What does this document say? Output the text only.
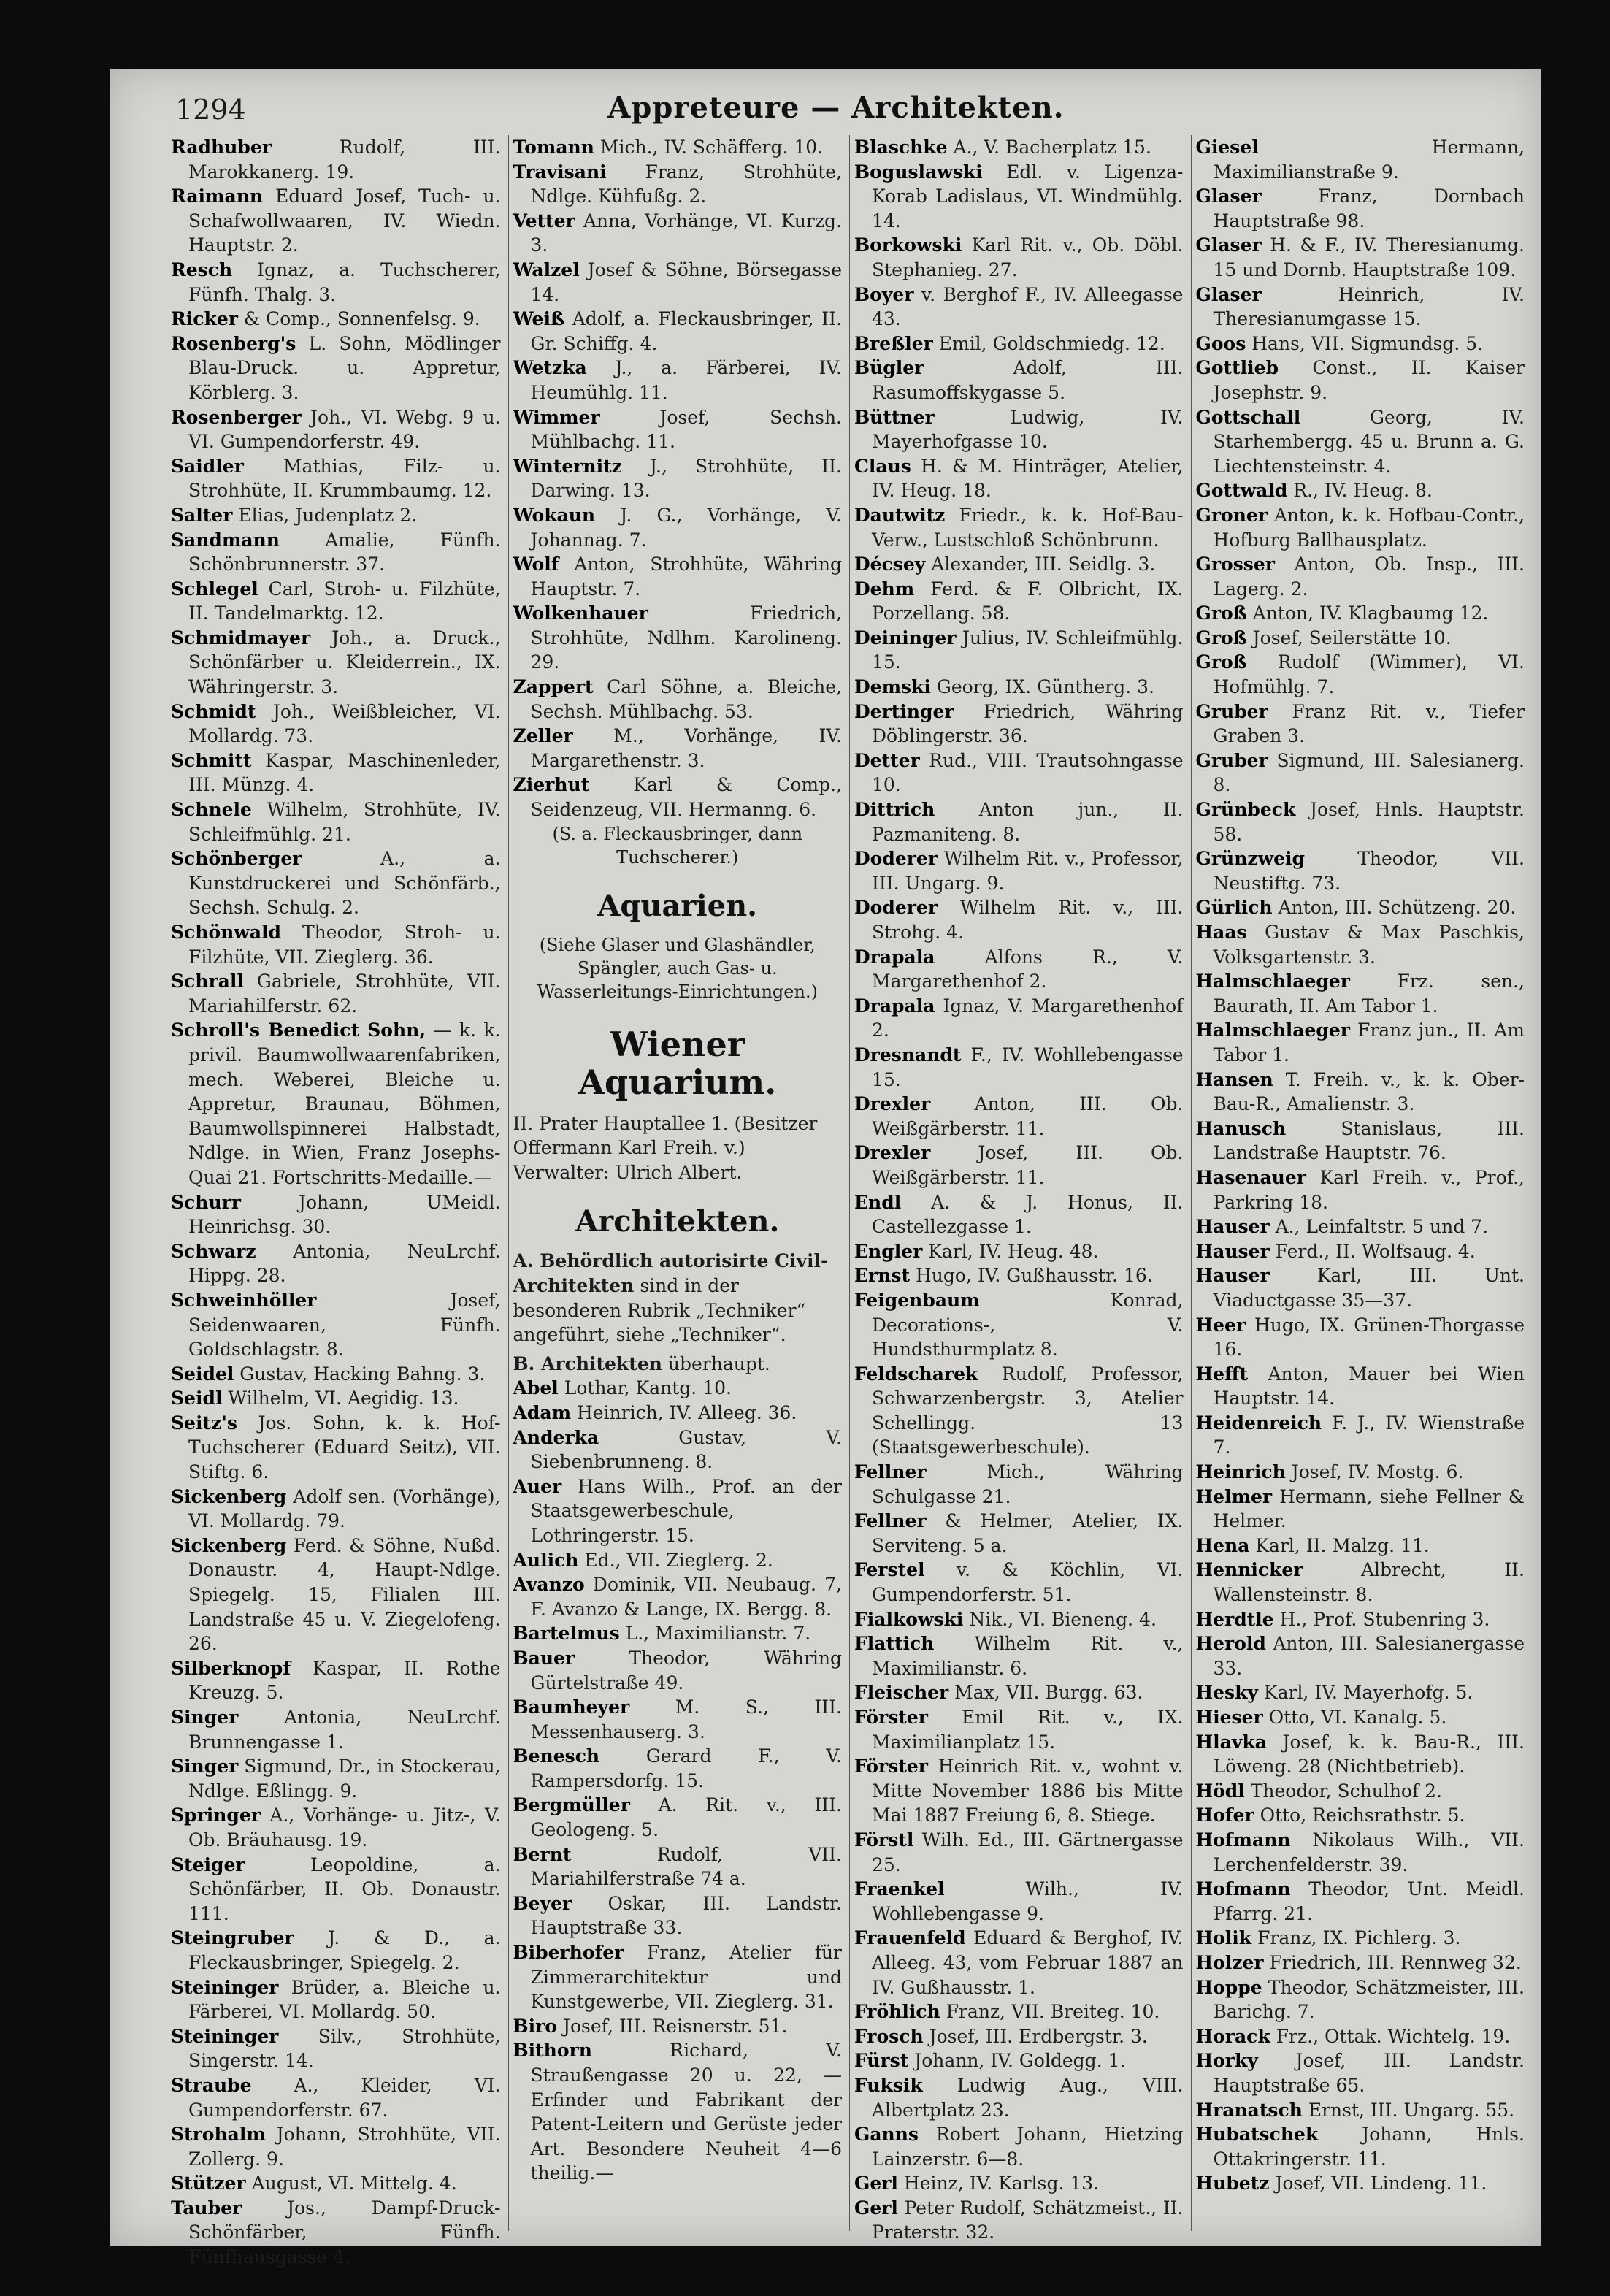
1294	Appreteure — Architekten.
Radhuber	Rudolf, III. Marokkanerg. 19.
Raimann Eduard Josef, Tuch- u. Schafwollwaaren, IV. Wiedn. Hauptstr. 2.
Resch Ignaz, a. Tuchscherer, Fünfh. Thalg. 3.
Ricker & Comp., Sonnenfelsg. 9.
Rosenberg's L. Sohn, Mödlinger Blau-Druck. u. Appretur, Körblerg. 3.
Rosenberger Joh., VI. Webg. 9 u. VI. Gumpendorferstr. 49.
Saidler Mathias, Filz- u. Strohhüte, II. Krummbaumg. 12.
Salter Elias, Judenplatz 2.
Sandmann Amalie, Fünfh. Schönbrunnerstr. 37.
Schlegel Carl, Stroh- u. Filzhüte, II. Tandelmarktg. 12.
Schmidmayer Joh., a. Druck., Schönfärber u. Kleiderrein., IX. Währingerstr. 3.
Schmidt Joh., Weißbleicher, VI. Mollardg. 73.
Schmitt Kaspar, Maschinenleder, III. Münzg. 4.
Schnele Wilhelm, Strohhüte, IV. Schleifmühlg. 21.
Schönberger	A., a. Kunstdruckerei und Schönfärb., Sechsh. Schulg. 2.
Schönwald Theodor, Stroh- u. Filzhüte, VII. Zieglerg. 36.
Schrall Gabriele, Strohhüte, VII. Mariahilferstr. 62.
Schroll's Benedict Sohn, — k. k. privil. Baumwollwaarenfabriken, mech. Weberei, Bleiche u. Appretur, Braunau, Böhmen, Baumwollspinnerei Halbstadt, Ndlge. in Wien, Franz Josephs-Quai 21. Fortschritts-Medaille.—
Schurr	Johann, UMeidl. Heinrichsg. 30.
Schwarz Antonia, NeuLrchf. Hippg. 28.
Schweinhöller	Josef, Seidenwaaren, Fünfh. Goldschlagstr. 8.
Seidel Gustav, Hacking Bahng. 3.
Seidl Wilhelm, VI. Aegidig. 13.
Seitz's Jos. Sohn, k. k. Hof-Tuchscherer (Eduard Seitz), VII. Stiftg. 6.
Sickenberg Adolf sen. (Vorhänge), VI. Mollardg. 79.
Sickenberg Ferd. & Söhne, Nußd. Donaustr. 4, Haupt-Ndlge. Spiegelg. 15, Filialen III. Landstraße 45 u. V. Ziegelofeng. 26.
Silberknopf Kaspar, II. Rothe Kreuzg. 5.
Singer	Antonia, NeuLrchf. Brunnengasse 1.
Singer Sigmund, Dr., in Stockerau, Ndlge. Eßlingg. 9.
Springer A., Vorhänge- u. Jitz-, V. Ob. Bräuhausg. 19.
Steiger	Leopoldine, a. Schönfärber, II. Ob. Donaustr. 111.
Steingruber J. & D., a. Fleckausbringer, Spiegelg. 2.
Steininger Brüder, a. Bleiche u. Färberei, VI. Mollardg. 50.
Steininger Silv., Strohhüte, Singerstr. 14.
Straube A., Kleider, VI. Gumpendorferstr. 67.
Strohalm Johann, Strohhüte, VII. Zollerg. 9.
Stützer August, VI. Mittelg. 4.
Tauber Jos., Dampf-Druck-Schönfärber, Fünfh. Fünfhausgasse 4.
Tomann Mich., IV. Schäfferg. 10.
Travisani Franz, Strohhüte, Ndlge. Kühfußg. 2.
Vetter Anna, Vorhänge, VI. Kurzg. 3.
Walzel Josef & Söhne, Börsegasse 14.
Weiß Adolf, a. Fleckausbringer, II. Gr. Schiffg. 4.
Wetzka J., a. Färberei, IV. Heumühlg. 11.
Wimmer	Josef, Sechsh. Mühlbachg. 11.
Winternitz J., Strohhüte, II. Darwing. 13.
Wokaun J. G., Vorhänge, V. Johannag. 7.
Wolf Anton, Strohhüte, Währing Hauptstr. 7.
Wolkenhauer	Friedrich, Strohhüte, Ndlhm. Karolineng. 29.
Zappert Carl Söhne, a. Bleiche, Sechsh. Mühlbachg. 53.
Zeller M., Vorhänge, IV. Margarethenstr. 3.
Zierhut Karl & Comp., Seidenzeug, VII. Hermanng. 6.
(S. a. Fleckausbringer, dann Tuchscherer.)
Aquarien.
(Siehe Glaser und Glashändler, Spängler, auch Gas- u. Wasserleitungs-Einrichtungen.)
Wiener Aquarium.
II. Prater Hauptallee 1. (Besitzer Offermann Karl Freih. v.) Verwalter: Ulrich Albert.
Architekten.
A. Behördlich autorisirte Civil-Architekten sind in der besonderen Rubrik „Techniker“ angeführt, siehe „Techniker“.
B. Architekten überhaupt.
Abel Lothar, Kantg. 10.
Adam Heinrich, IV. Alleeg. 36.
Anderka	Gustav, V. Siebenbrunneng. 8.
Auer Hans Wilh., Prof. an der Staatsgewerbeschule, Lothringerstr. 15.
Aulich Ed., VII. Zieglerg. 2.
Avanzo Dominik, VII. Neubaug. 7, F. Avanzo & Lange, IX. Bergg. 8.
Bartelmus L., Maximilianstr. 7.
Bauer	Theodor, Währing Gürtelstraße 49.
Baumheyer	M. S., III. Messenhauserg. 3.
Benesch	Gerard F., V. Rampersdorfg. 15.
Bergmüller A. Rit. v., III. Geologeng. 5.
Bernt	Rudolf, VII. Mariahilferstraße 74 a.
Beyer Oskar, III. Landstr. Hauptstraße 33.
Biberhofer Franz, Atelier für Zimmerarchitektur und Kunstgewerbe, VII. Zieglerg. 31.
Biro Josef, III. Reisnerstr. 51.
Bithorn	Richard, V. Straußengasse 20 u. 22, —Erfinder und Fabrikant der Patent-Leitern und Gerüste jeder Art. Besondere Neuheit 4—6 theilig.—
Blaschke A., V. Bacherplatz 15.
Boguslawski Edl. v. Ligenza-Korab Ladislaus, VI. Windmühlg. 14.
Borkowski Karl Rit. v., Ob. Döbl. Stephanieg. 27.
Boyer v. Berghof F., IV. Alleegasse 43.
Breßler Emil, Goldschmiedg. 12.
Bügler	Adolf, III. Rasumoffskygasse 5.
Büttner	Ludwig, IV. Mayerhofgasse 10.
Claus H. & M. Hinträger, Atelier, IV. Heug. 18.
Dautwitz Friedr., k. k. Hof-Bau-Verw., Lustschloß Schönbrunn.
Décsey Alexander, III. Seidlg. 3.
Dehm Ferd. & F. Olbricht, IX. Porzellang. 58.
Deininger Julius, IV. Schleifmühlg. 15.
Demski Georg, IX. Güntherg. 3.
Dertinger Friedrich, Währing Döblingerstr. 36.
Detter Rud., VIII. Trautsohngasse 10.
Dittrich Anton jun., II. Pazmaniteng. 8.
Doderer Wilhelm Rit. v., Professor, III. Ungarg. 9.
Doderer Wilhelm Rit. v., III. Strohg. 4.
Drapala	Alfons R., V. Margarethenhof 2.
Drapala Ignaz, V. Margarethenhof 2.
Dresnandt F., IV. Wohllebengasse 15.
Drexler Anton, III. Ob. Weißgärberstr. 11.
Drexler	Josef, III. Ob. Weißgärberstr. 11.
Endl A. & J. Honus, II. Castellezgasse 1.
Engler Karl, IV. Heug. 48.
Ernst Hugo, IV. Gußhausstr. 16.
Feigenbaum	Konrad, Decorations-, V. Hundsthurmplatz 8.
Feldscharek Rudolf, Professor, Schwarzenbergstr. 3, Atelier Schellingg. 13 (Staatsgewerbeschule).
Fellner	Mich., Währing Schulgasse 21.
Fellner & Helmer, Atelier, IX. Serviteng. 5 a.
Ferstel v. & Köchlin, VI. Gumpendorferstr. 51.
Fialkowski Nik., VI. Bieneng. 4.
Flattich Wilhelm Rit. v., Maximilianstr. 6.
Fleischer Max, VII. Burgg. 63.
Förster Emil Rit. v., IX. Maximilianplatz 15.
Förster Heinrich Rit. v., wohnt v. Mitte November 1886 bis Mitte Mai 1887 Freiung 6, 8. Stiege.
Förstl Wilh. Ed., III. Gärtnergasse 25.
Fraenkel	Wilh., IV. Wohllebengasse 9.
Frauenfeld Eduard & Berghof, IV. Alleeg. 43, vom Februar 1887 an IV. Gußhausstr. 1.
Fröhlich Franz, VII. Breiteg. 10.
Frosch Josef, III. Erdbergstr. 3.
Fürst Johann, IV. Goldegg. 1.
Fuksik Ludwig Aug., VIII. Albertplatz 23.
Ganns Robert Johann, Hietzing Lainzerstr. 6—8.
Gerl Heinz, IV. Karlsg. 13.
Gerl Peter Rudolf, Schätzmeist., II. Praterstr. 32.
Giesel	Hermann, Maximilianstraße 9.
Glaser	Franz, Dornbach Hauptstraße 98.
Glaser H. & F., IV. Theresianumg. 15 und Dornb. Hauptstraße 109.
Glaser	Heinrich, IV. Theresianumgasse 15.
Goos Hans, VII. Sigmundsg. 5.
Gottlieb Const., II. Kaiser Josephstr. 9.
Gottschall	Georg, IV. Starhembergg. 45 u. Brunn a. G. Liechtensteinstr. 4.
Gottwald R., IV. Heug. 8.
Groner Anton, k. k. Hofbau-Contr., Hofburg Ballhausplatz.
Grosser Anton, Ob. Insp., III. Lagerg. 2.
Groß Anton, IV. Klagbaumg 12.
Groß Josef, Seilerstätte 10.
Groß Rudolf (Wimmer), VI. Hofmühlg. 7.
Gruber Franz Rit. v., Tiefer Graben 3.
Gruber Sigmund, III. Salesianerg. 8.
Grünbeck Josef, Hnls. Hauptstr. 58.
Grünzweig	Theodor, VII. Neustiftg. 73.
Gürlich Anton, III. Schützeng. 20.
Haas Gustav & Max Paschkis, Volksgartenstr. 3.
Halmschlaeger	Frz. sen., Baurath, II. Am Tabor 1.
Halmschlaeger Franz jun., II. Am Tabor 1.
Hansen T. Freih. v., k. k. Ober-Bau-R., Amalienstr. 3.
Hanusch	Stanislaus, III. Landstraße Hauptstr. 76.
Hasenauer Karl Freih. v., Prof., Parkring 18.
Hauser A., Leinfaltstr. 5 und 7.
Hauser Ferd., II. Wolfsaug. 4.
Hauser	Karl, III. Unt. Viaductgasse 35—37.
Heer Hugo, IX. Grünen-Thorgasse 16.
Hefft Anton, Mauer bei Wien Hauptstr. 14.
Heidenreich F. J., IV. Wienstraße 7.
Heinrich Josef, IV. Mostg. 6.
Helmer Hermann, siehe Fellner & Helmer.
Hena Karl, II. Malzg. 11.
Hennicker	Albrecht, II. Wallensteinstr. 8.
Herdtle H., Prof. Stubenring 3.
Herold Anton, III. Salesianergasse 33.
Hesky Karl, IV. Mayerhofg. 5.
Hieser Otto, VI. Kanalg. 5.
Hlavka Josef, k. k. Bau-R., III. Löweng. 28 (Nichtbetrieb).
Hödl Theodor, Schulhof 2.
Hofer Otto, Reichsrathstr. 5.
Hofmann Nikolaus Wilh., VII. Lerchenfelderstr. 39.
Hofmann Theodor, Unt. Meidl. Pfarrg. 21.
Holik Franz, IX. Pichlerg. 3.
Holzer Friedrich, III. Rennweg 32.
Hoppe Theodor, Schätzmeister, III. Barichg. 7.
Horack Frz., Ottak. Wichtelg. 19.
Horky Josef, III. Landstr. Hauptstraße 65.
Hranatsch Ernst, III. Ungarg. 55.
Hubatschek Johann, Hnls. Ottakringerstr. 11.
Hubetz Josef, VII. Lindeng. 11.
